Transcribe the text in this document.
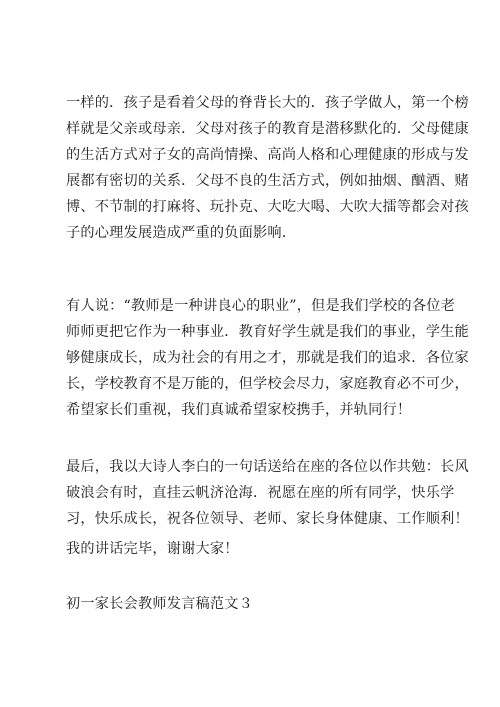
一样的．孩子是看着父母的脊背长大的．孩子学做人，第一个榜
样就是父亲或母亲．父母对孩子的教育是潜移默化的．父母健康
的生活方式对子女的高尚情操、高尚人格和心理健康的形成与发
展都有密切的关系．父母不良的生活方式，例如抽烟、酗酒、赌
博、不节制的打麻将、玩扑克、大吃大喝、大吹大擂等都会对孩
子的心理发展造成严重的负面影响．

有人说：“教师是一种讲良心的职业”，但是我们学校的各位老
师师更把它作为一种事业．教育好学生就是我们的事业，学生能
够健康成长，成为社会的有用之才，那就是我们的追求．各位家
长，学校教育不是万能的，但学校会尽力，家庭教育必不可少，
希望家长们重视，我们真诚希望家校携手，并轨同行！

最后，我以大诗人李白的一句话送给在座的各位以作共勉：长风
破浪会有时，直挂云帆济沧海．祝愿在座的所有同学，快乐学
习，快乐成长，祝各位领导、老师、家长身体健康、工作顺利！

我的讲话完毕，谢谢大家！

初一家长会教师发言稿范文３
